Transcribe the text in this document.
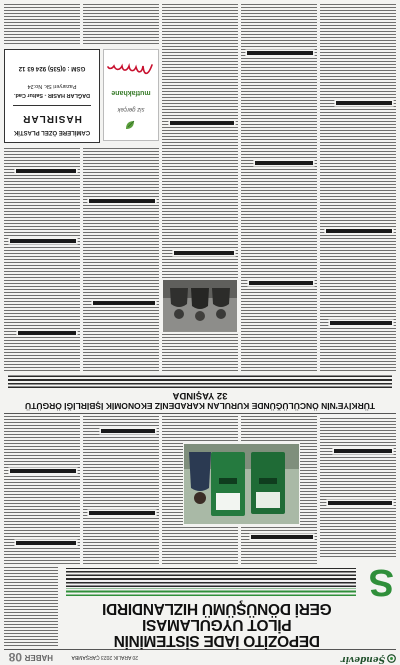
Şendevir
20 ARALIK 2023 ÇARŞAMBA
HABER
08
DEPOZİTO İADE SİSTEMİNİN
PİLOT UYGULAMASI
GERİ DÖNÜŞÜMÜ HIZLANDIRDI
S
TÜRKİYE'NİN ÖNCÜLÜĞÜNDE KURULAN KARADENİZ EKONOMİK İŞBİRLİĞİ ÖRGÜTÜ
32 YAŞINDA
siz gerçek
mutfakhane
CAMİLERE ÖZEL PLASTİK
HASIRLAR
DAĞLAR HASIR - Saltur Cad.
Pazaryeri Sk. No:24
GSM : 0(535) 924 63 12
